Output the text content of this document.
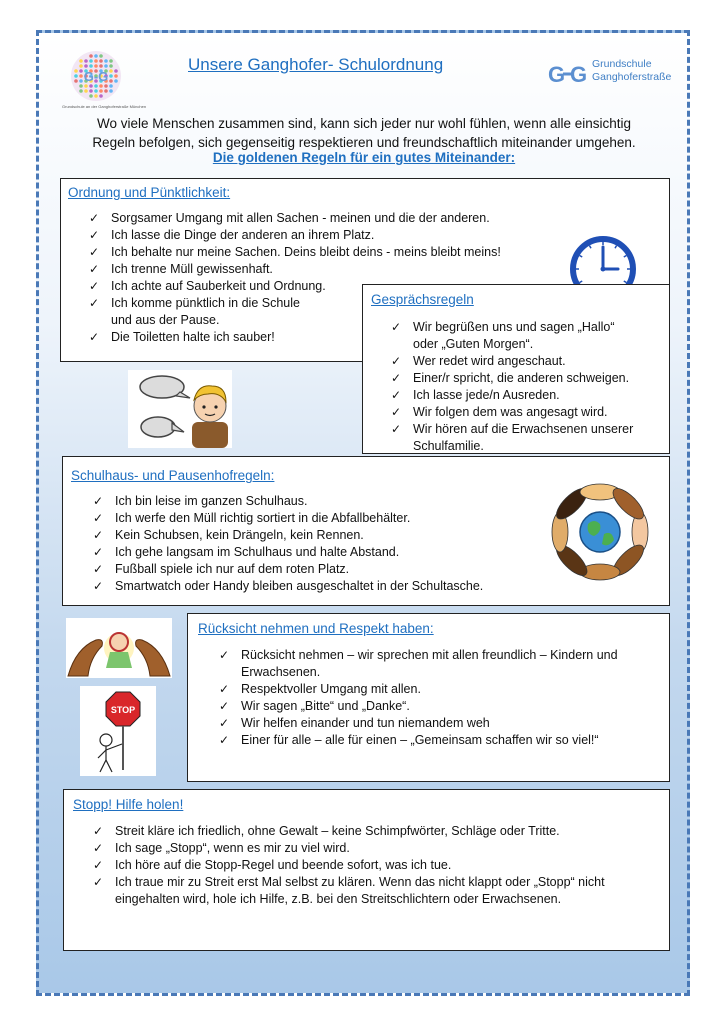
G-G
Grundschule an der Ganghoferstraße München
Unsere Ganghofer- Schulordnung	G G Grundschule
Ganghoferstraße
Wo viele Menschen zusammen sind, kann sich jeder nur wohl fühlen, wenn alle einsichtig
Regeln befolgen, sich gegenseitig respektieren und freundschaftlich miteinander umgehen.
Die goldenen Regeln für ein gutes Miteinander:
Ordnung und Pünktlichkeit:
✓ Sorgsamer Umgang mit allen Sachen - meinen und die der anderen.
✓ Ich lasse die Dinge der anderen an ihrem Platz.
✓ Ich behalte nur meine Sachen. Deins bleibt deins - meins bleibt meins!
✓ Ich trenne Müll gewissenhaft.
✓ Ich achte auf Sauberkeit und Ordnung.
✓ Ich komme pünktlich in die Schule
und aus der Pause.
✓ Die Toiletten halte ich sauber!
Gesprächsregeln
✓ Wir begrüßen uns und sagen „Hallo“
oder „Guten Morgen“.
✓ Wer redet wird angeschaut.
✓ Einer/r spricht, die anderen schweigen.
✓ Ich lasse jede/n Ausreden.
✓ Wir folgen dem was angesagt wird.
✓ Wir hören auf die Erwachsenen unserer
Schulfamilie.
Schulhaus- und Pausenhofregeln:
✓ Ich bin leise im ganzen Schulhaus.
✓ Ich werfe den Müll richtig sortiert in die Abfallbehälter.
✓ Kein Schubsen, kein Drängeln, kein Rennen.
✓ Ich gehe langsam im Schulhaus und halte Abstand.
✓ Fußball spiele ich nur auf dem roten Platz.
✓ Smartwatch oder Handy bleiben ausgeschaltet in der Schultasche.
STOP
Rücksicht nehmen und Respekt haben:
✓ Rücksicht nehmen – wir sprechen mit allen freundlich – Kindern und
Erwachsenen.
✓ Respektvoller Umgang mit allen.
✓ Wir sagen „Bitte“ und „Danke“.
✓ Wir helfen einander und tun niemandem weh
✓ Einer für alle – alle für einen – „Gemeinsam schaffen wir so viel!“
Stopp! Hilfe holen!
✓ Streit kläre ich friedlich, ohne Gewalt – keine Schimpfwörter, Schläge oder Tritte.
✓ Ich sage „Stopp“, wenn es mir zu viel wird.
✓ Ich höre auf die Stopp-Regel und beende sofort, was ich tue.
✓ Ich traue mir zu Streit erst Mal selbst zu klären. Wenn das nicht klappt oder „Stopp“ nicht
eingehalten wird, hole ich Hilfe, z.B. bei den Streitschlichtern oder Erwachsenen.
